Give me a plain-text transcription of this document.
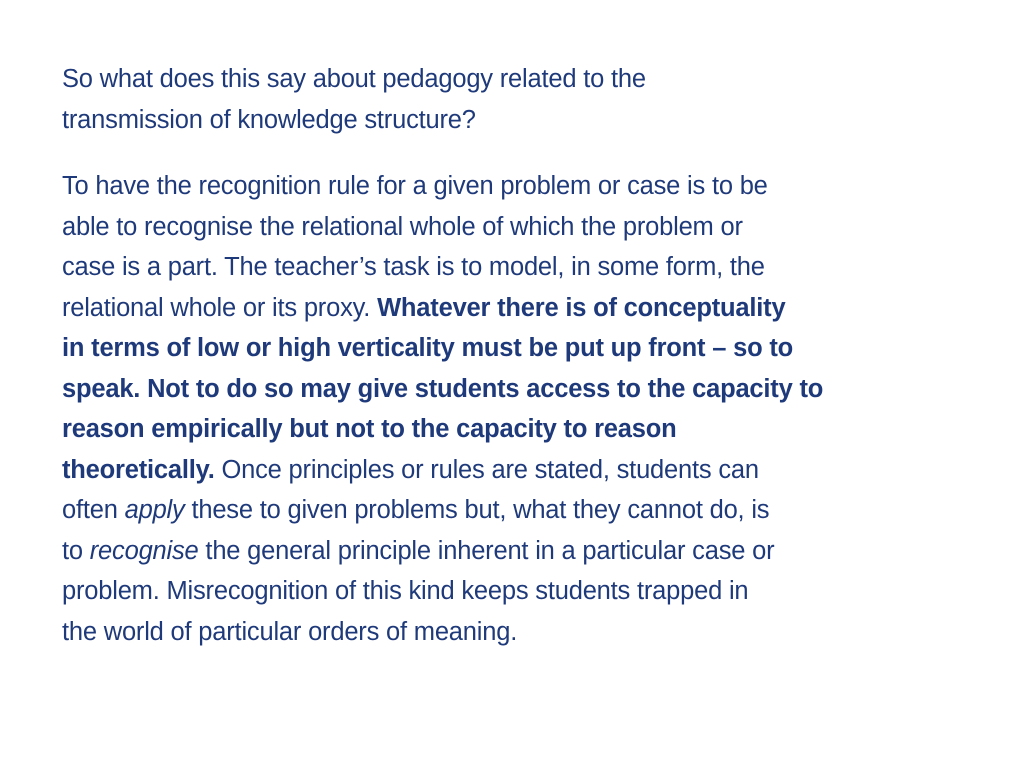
So what does this say about pedagogy related to the
transmission of knowledge structure?
To have the recognition rule for a given problem or case is to be
able to recognise the relational whole of which the problem or
case is a part. The teacher’s task is to model, in some form, the
relational whole or its proxy. Whatever there is of conceptuality
in terms of low or high verticality must be put up front – so to
speak. Not to do so may give students access to the capacity to
reason empirically but not to the capacity to reason
theoretically. Once principles or rules are stated, students can
often apply these to given problems but, what they cannot do, is
to recognise the general principle inherent in a particular case or
problem. Misrecognition of this kind keeps students trapped in
the world of particular orders of meaning.
